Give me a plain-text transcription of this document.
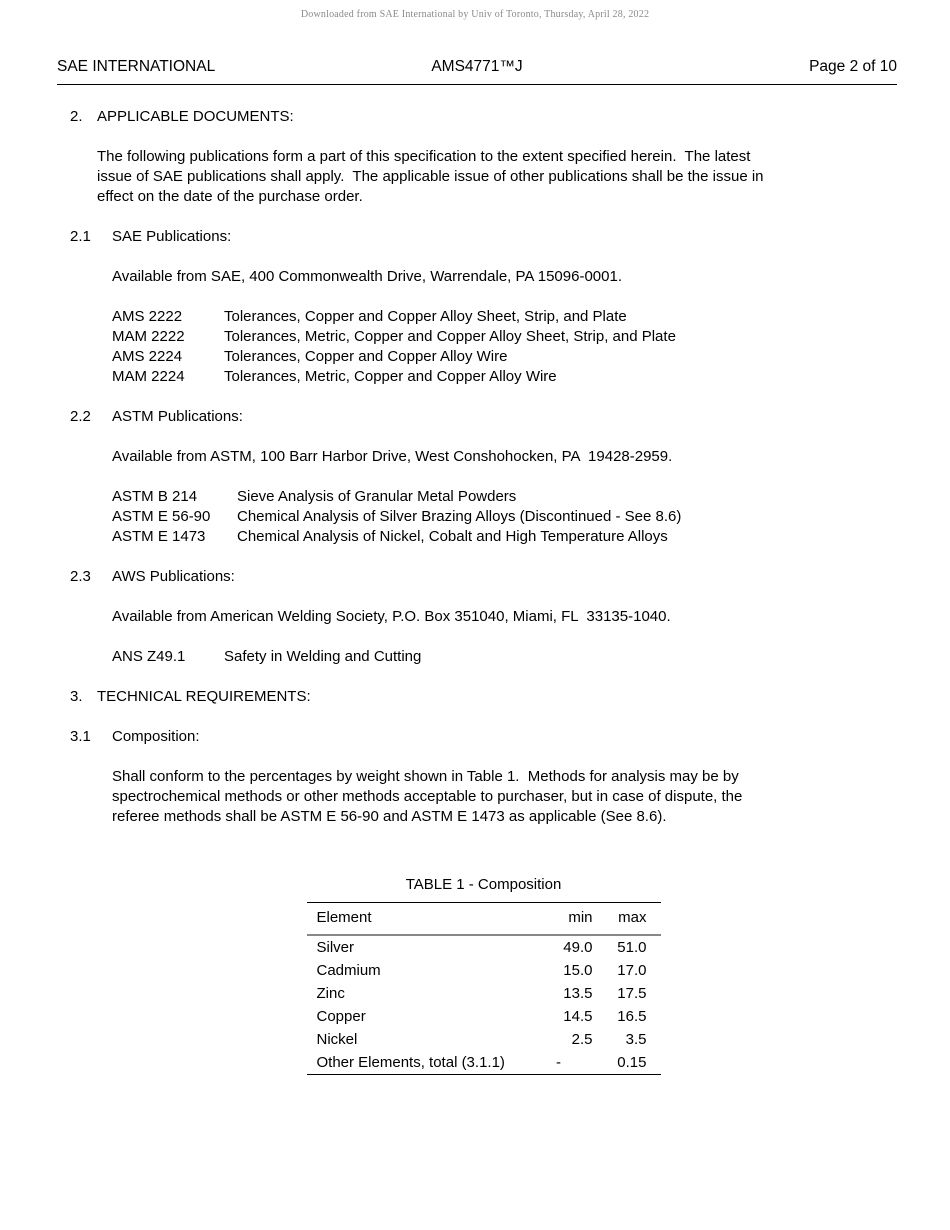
Downloaded from SAE International by Univ of Toronto, Thursday, April 28, 2022
SAE INTERNATIONAL	AMS4771™J	Page 2 of 10
2. APPLICABLE DOCUMENTS:
The following publications form a part of this specification to the extent specified herein.  The latest
issue of SAE publications shall apply.  The applicable issue of other publications shall be the issue in
effect on the date of the purchase order.
2.1	SAE Publications:
Available from SAE, 400 Commonwealth Drive, Warrendale, PA 15096-0001.
AMS 2222	Tolerances, Copper and Copper Alloy Sheet, Strip, and Plate
MAM 2222	Tolerances, Metric, Copper and Copper Alloy Sheet, Strip, and Plate
AMS 2224	Tolerances, Copper and Copper Alloy Wire
MAM 2224	Tolerances, Metric, Copper and Copper Alloy Wire
2.2	ASTM Publications:
Available from ASTM, 100 Barr Harbor Drive, West Conshohocken, PA  19428-2959.
ASTM B 214	Sieve Analysis of Granular Metal Powders
ASTM E 56-90	Chemical Analysis of Silver Brazing Alloys (Discontinued - See 8.6)
ASTM E 1473	Chemical Analysis of Nickel, Cobalt and High Temperature Alloys
2.3	AWS Publications:
Available from American Welding Society, P.O. Box 351040, Miami, FL  33135-1040.
ANS Z49.1	Safety in Welding and Cutting
3. TECHNICAL REQUIREMENTS:
3.1	Composition:
Shall conform to the percentages by weight shown in Table 1.  Methods for analysis may be by
spectrochemical methods or other methods acceptable to purchaser, but in case of dispute, the
referee methods shall be ASTM E 56-90 and ASTM E 1473 as applicable (See 8.6).
TABLE 1 - Composition
Element	min	max
Silver	49.0	51.0
Cadmium	15.0	17.0
Zinc	13.5	17.5
Copper	14.5	16.5
Nickel	2.5	3.5
Other Elements, total (3.1.1)	-	0.15
